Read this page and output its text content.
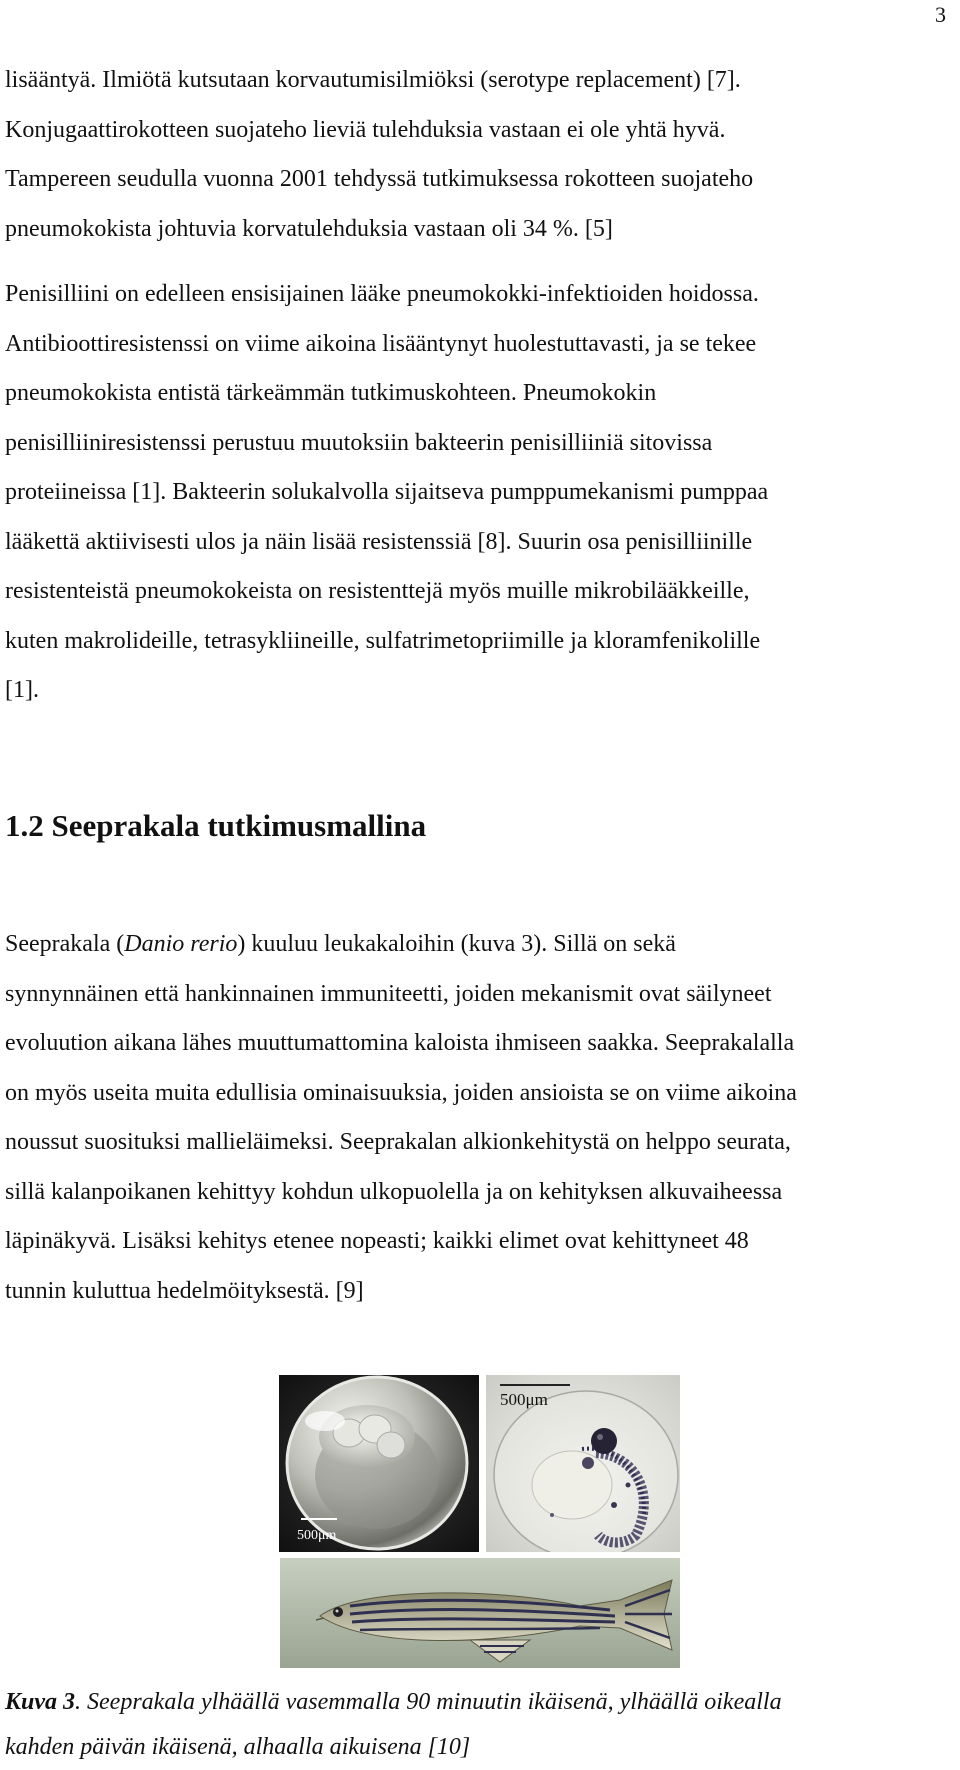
3
lisääntyä. Ilmiötä kutsutaan korvautumisilmiöksi (serotype replacement) [7].
Konjugaattirokotteen suojateho lieviä tulehduksia vastaan ei ole yhtä hyvä.
Tampereen seudulla vuonna 2001 tehdyssä tutkimuksessa rokotteen suojateho
pneumokokista johtuvia korvatulehduksia vastaan oli 34 %. [5]
Penisilliini on edelleen ensisijainen lääke pneumokokki-infektioiden hoidossa.
Antibioottiresistenssi on viime aikoina lisääntynyt huolestuttavasti, ja se tekee
pneumokokista entistä tärkeämmän tutkimuskohteen. Pneumokokin
penisilliiniresistenssi perustuu muutoksiin bakteerin penisilliiniä sitovissa
proteiineissa [1]. Bakteerin solukalvolla sijaitseva pumppumekanismi pumppaa
lääkettä aktiivisesti ulos ja näin lisää resistenssiä [8]. Suurin osa penisilliinille
resistenteistä pneumokokeista on resistenttejä myös muille mikrobilääkkeille,
kuten makrolideille, tetrasykliineille, sulfatrimetopriimille ja kloramfenikolille
[1].
1.2 Seeprakala tutkimusmallina
Seeprakala (Danio rerio) kuuluu leukakaloihin (kuva 3). Sillä on sekä
synnynnäinen että hankinnainen immuniteetti, joiden mekanismit ovat säilyneet
evoluution aikana lähes muuttumattomina kaloista ihmiseen saakka. Seeprakalalla
on myös useita muita edullisia ominaisuuksia, joiden ansioista se on viime aikoina
noussut suosituksi mallieläimeksi. Seeprakalan alkionkehitystä on helppo seurata,
sillä kalanpoikanen kehittyy kohdun ulkopuolella ja on kehityksen alkuvaiheessa
läpinäkyvä. Lisäksi kehitys etenee nopeasti; kaikki elimet ovat kehittyneet 48
tunnin kuluttua hedelmöityksestä. [9]
500μm
500μm
Kuva 3. Seeprakala ylhäällä vasemmalla 90 minuutin ikäisenä, ylhäällä oikealla
kahden päivän ikäisenä, alhaalla aikuisena [10]
